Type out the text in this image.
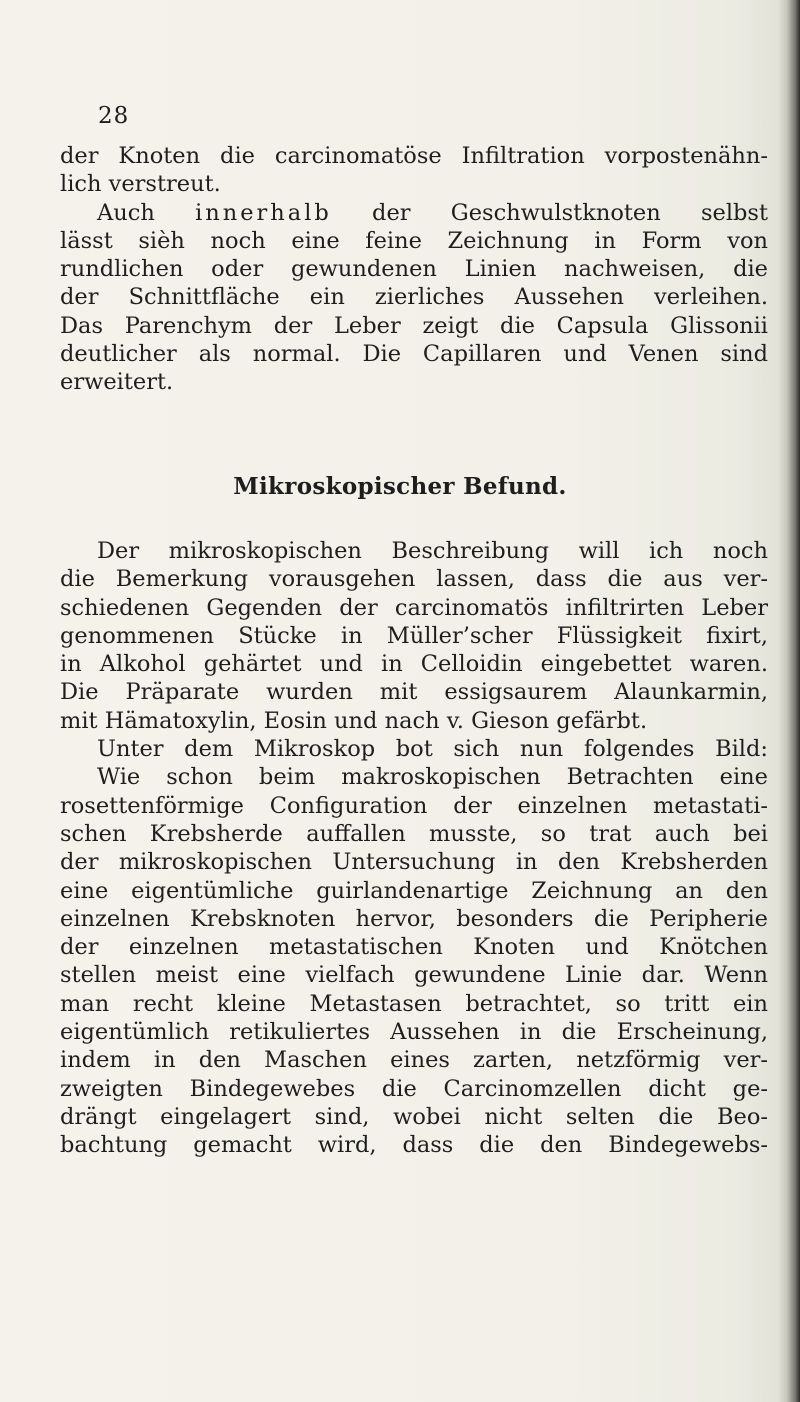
28
der Knoten die carcinomatöse Infiltration vorpostenähn-
lich verstreut.
Auch innerhalb der Geschwulstknoten selbst
lässt sièh noch eine feine Zeichnung in Form von
rundlichen oder gewundenen Linien nachweisen, die
der Schnittfläche ein zierliches Aussehen verleihen.
Das Parenchym der Leber zeigt die Capsula Glissonii
deutlicher als normal. Die Capillaren und Venen sind
erweitert.
Mikroskopischer Befund.
Der mikroskopischen Beschreibung will ich noch
die Bemerkung vorausgehen lassen, dass die aus ver-
schiedenen Gegenden der carcinomatös infiltrirten Leber
genommenen Stücke in Müller’scher Flüssigkeit fixirt,
in Alkohol gehärtet und in Celloidin eingebettet waren.
Die Präparate wurden mit essigsaurem Alaunkarmin,
mit Hämatoxylin, Eosin und nach v. Gieson gefärbt.
Unter dem Mikroskop bot sich nun folgendes Bild:
Wie schon beim makroskopischen Betrachten eine
rosettenförmige Configuration der einzelnen metastati-
schen Krebsherde auffallen musste, so trat auch bei
der mikroskopischen Untersuchung in den Krebsherden
eine eigentümliche guirlandenartige Zeichnung an den
einzelnen Krebsknoten hervor, besonders die Peripherie
der einzelnen metastatischen Knoten und Knötchen
stellen meist eine vielfach gewundene Linie dar. Wenn
man recht kleine Metastasen betrachtet, so tritt ein
eigentümlich retikuliertes Aussehen in die Erscheinung,
indem in den Maschen eines zarten, netzförmig ver-
zweigten Bindegewebes die Carcinomzellen dicht ge-
drängt eingelagert sind, wobei nicht selten die Beo-
bachtung gemacht wird, dass die den Bindegewebs-
